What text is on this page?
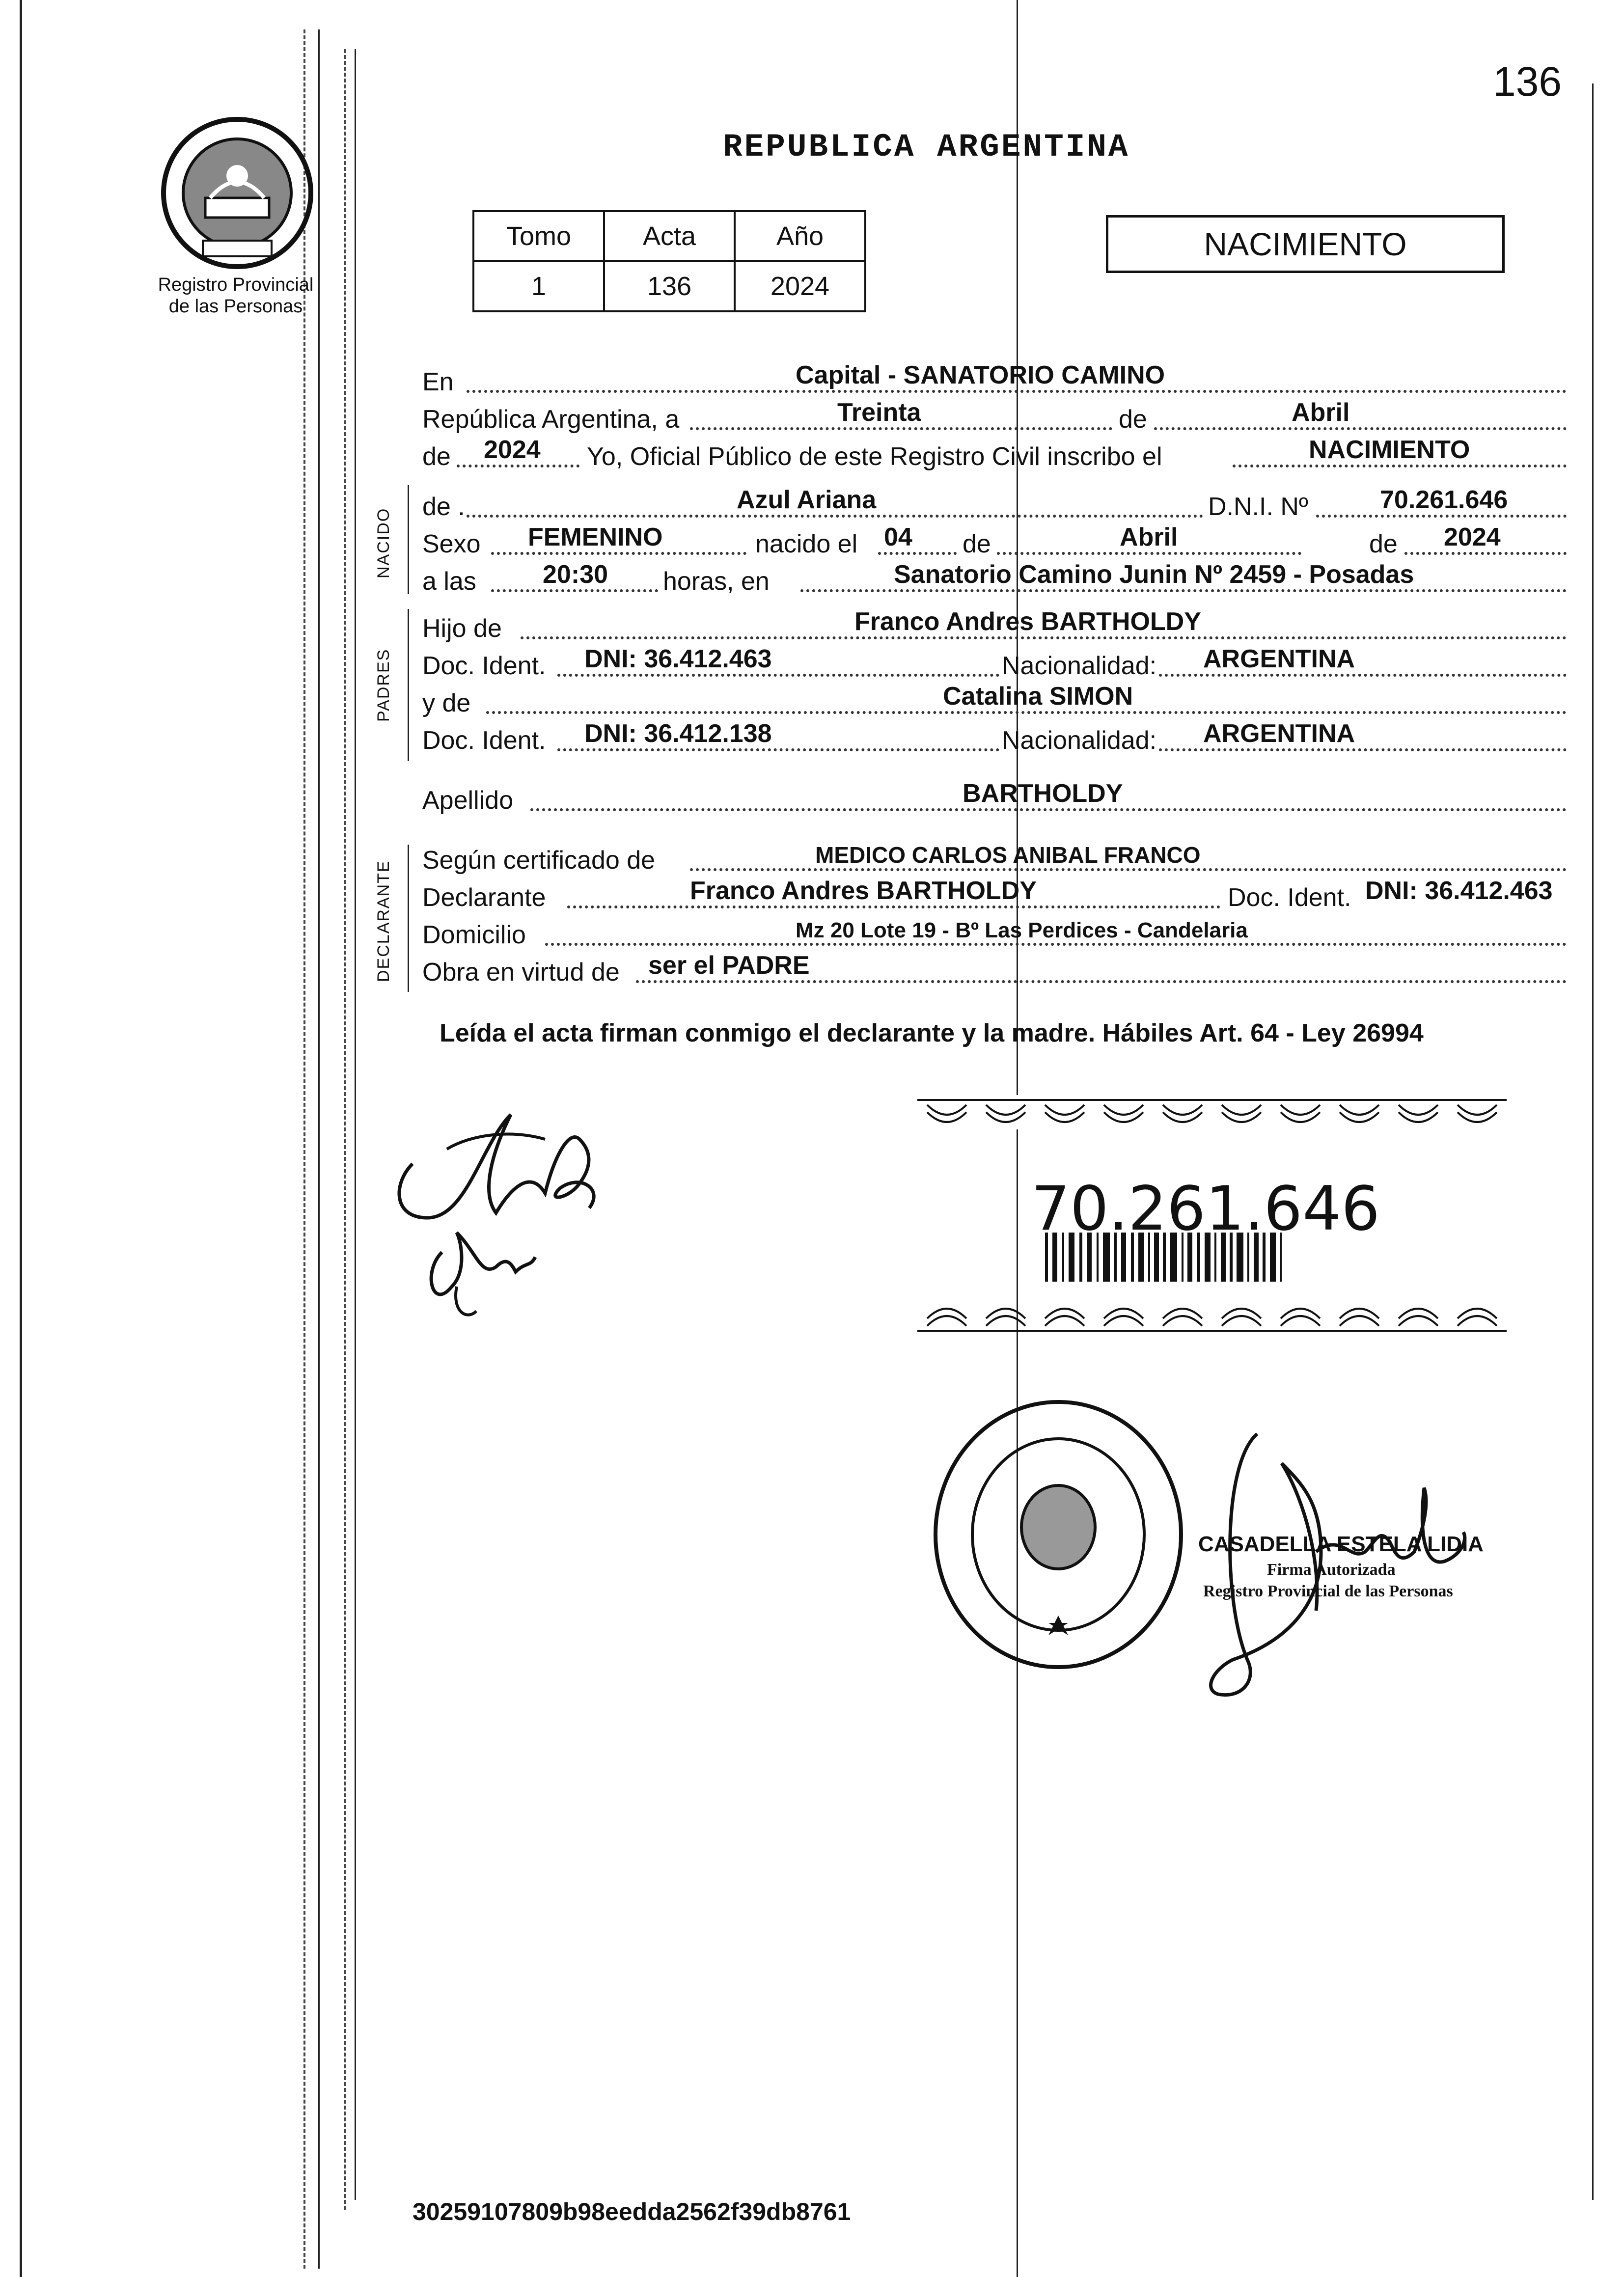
Registro Provincial
de las Personas
136
REPUBLICA ARGENTINA
Tomo	Acta	Año
1	136	2024
NACIMIENTO
En	Capital - SANATORIO CAMINO
República Argentina, a	Treinta	de	Abril
de 2024 Yo, Oficial Público de este Registro Civil inscribo el	NACIMIENTO
NACIDO
de .	Azul Ariana	D.N.I. Nº	70.261.646
Sexo FEMENINO	nacido el 04 de	Abril	de 2024
a las	20:30 horas, en	Sanatorio Camino Junin Nº 2459 - Posadas
PADRES
Hijo de	Franco Andres BARTHOLDY
Doc. Ident. DNI: 36.412.463	Nacionalidad: ARGENTINA
y de	Catalina SIMON
Doc. Ident. DNI: 36.412.138	Nacionalidad: ARGENTINA
Apellido	BARTHOLDY
DECLARANTE Según certificado de	MEDICO CARLOS ANIBAL FRANCO
Declarante	Franco Andres BARTHOLDY	Doc. Ident. DNI: 36.412.463
Domicilio	Mz 20 Lote 19 - Bº Las Perdices - Candelaria
Obra en virtud de ser el PADRE
Leída el acta firman conmigo el declarante y la madre. Hábiles Art. 64 - Ley 26994
70.261.646
CASADELLA ESTELA LIDIA
Firma Autorizada
Registro Provincial de las Personas
30259107809b98eedda2562f39db8761
